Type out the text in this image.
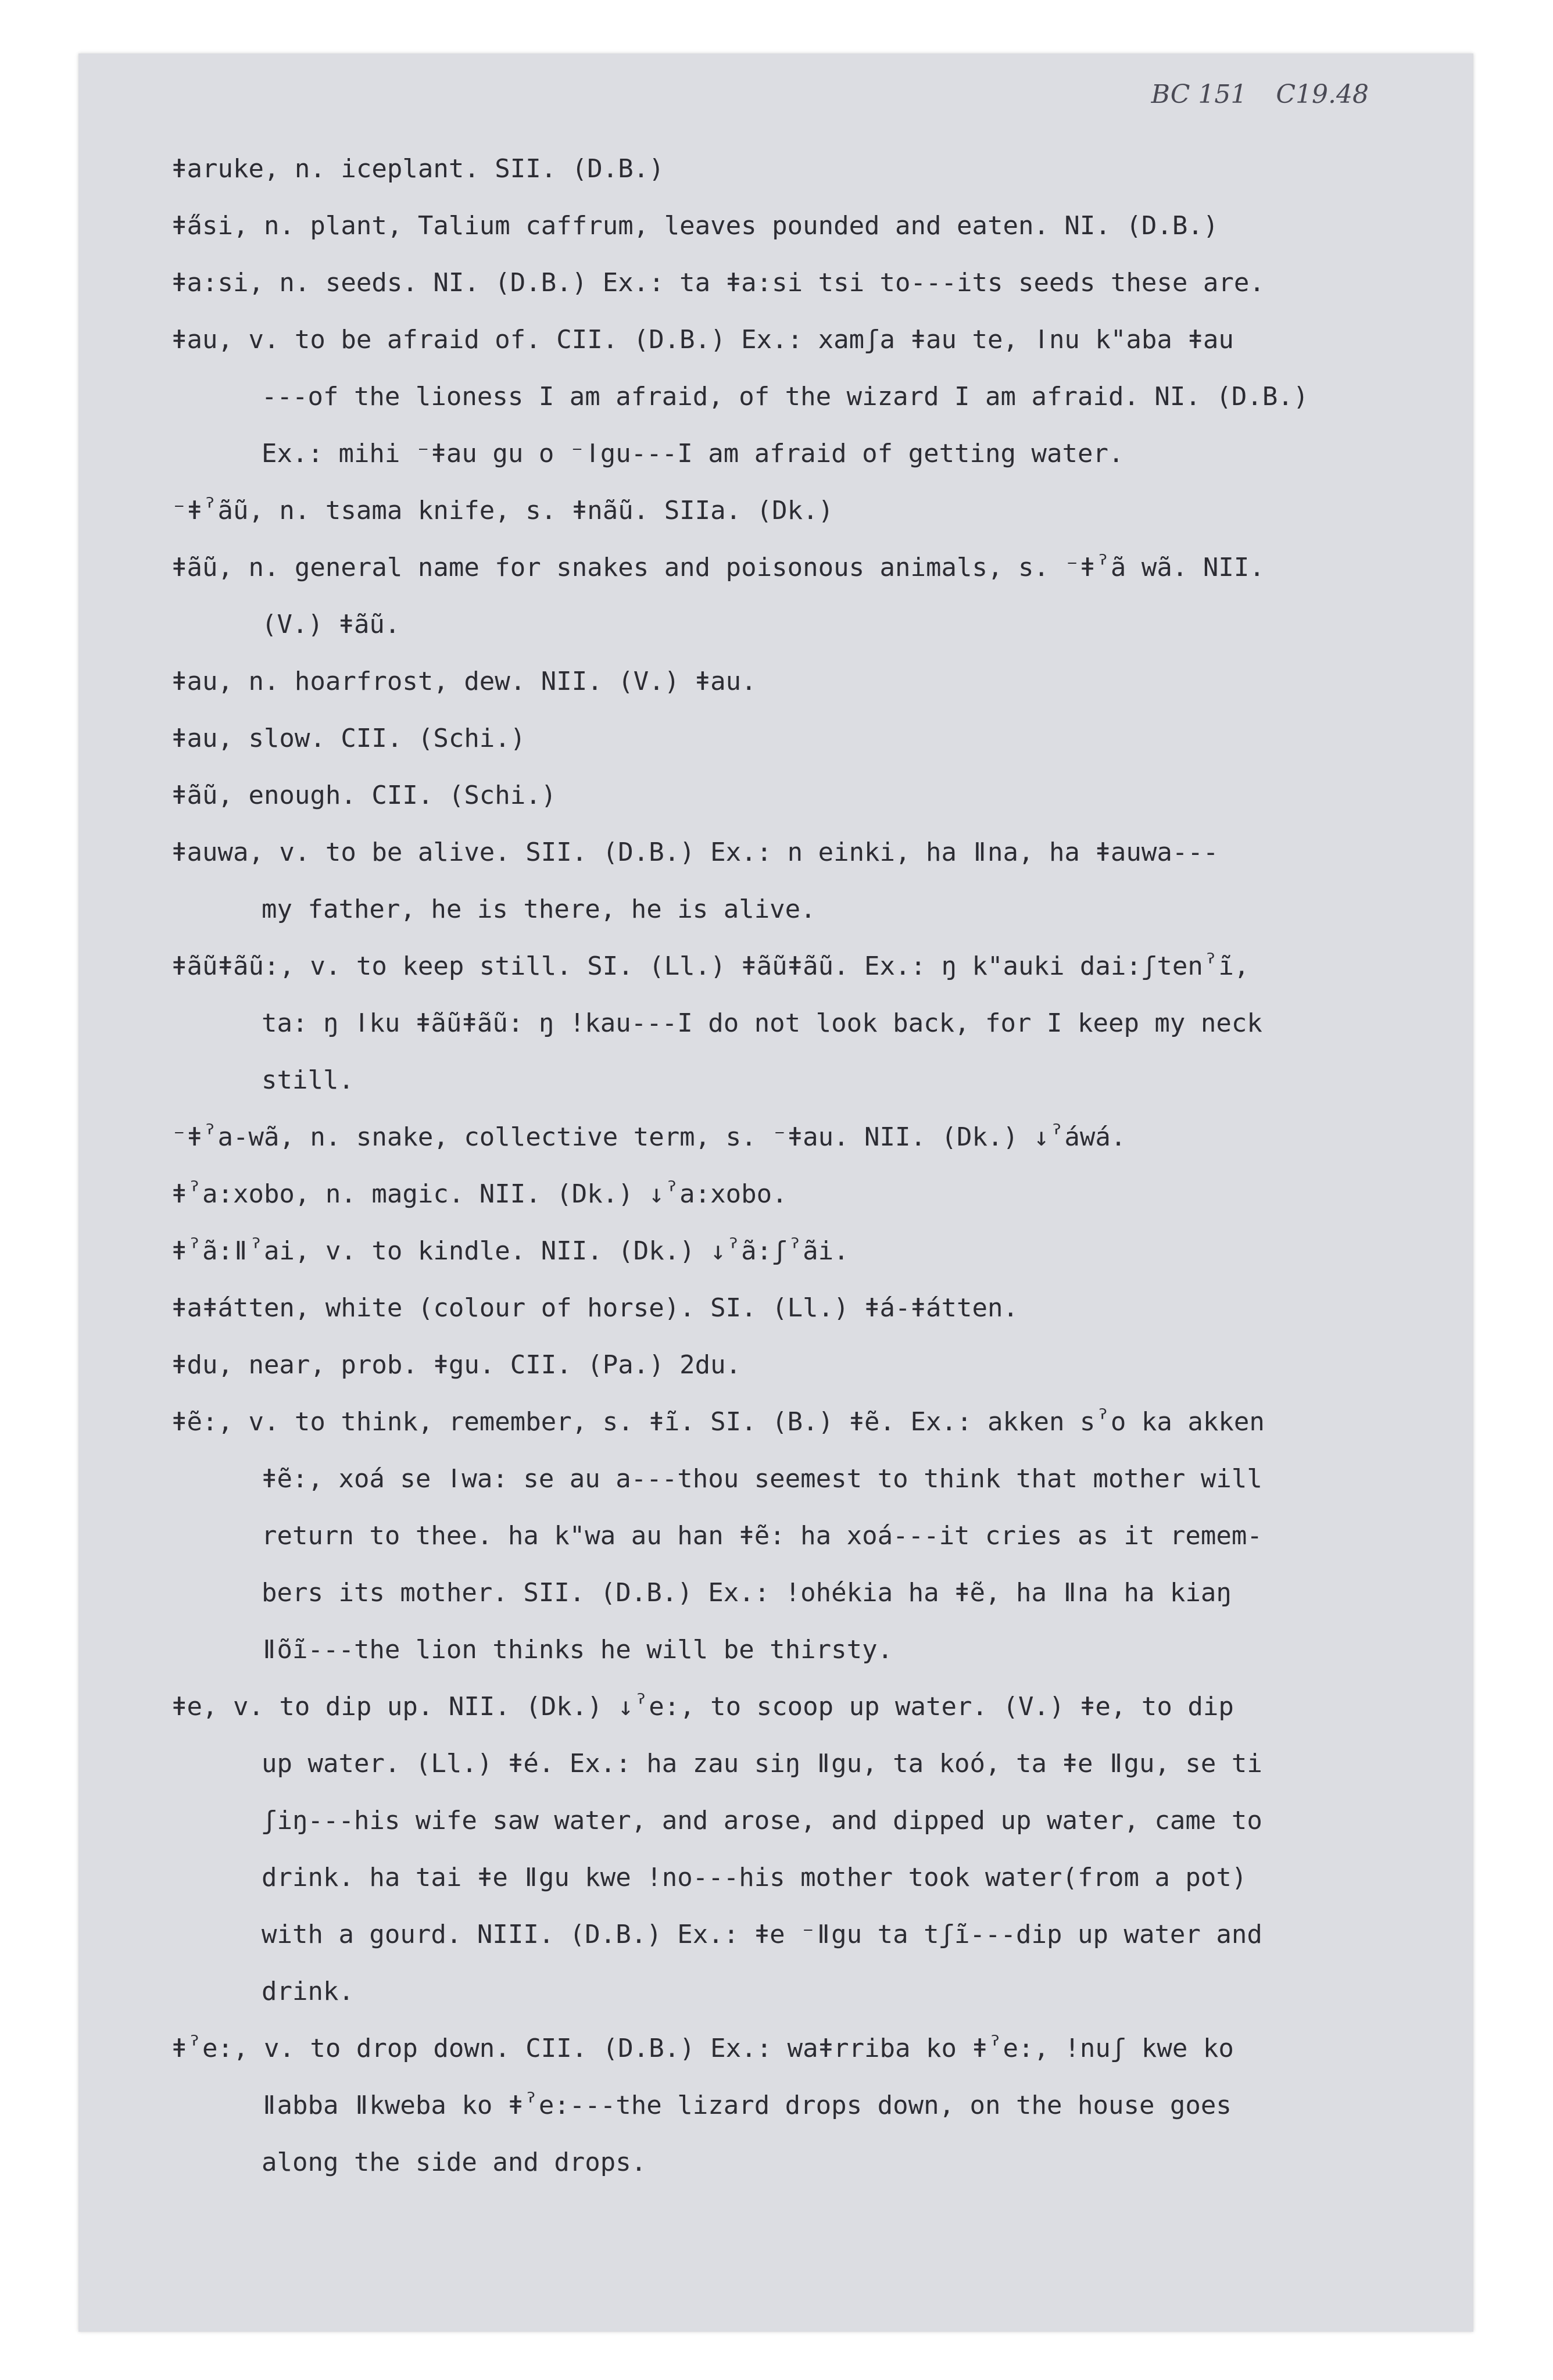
BC 151 C19.48
ǂaruke, n. iceplant. SII. (D.B.)
ǂa̋si, n. plant, Talium caffrum, leaves pounded and eaten. NI. (D.B.)
ǂa:si, n. seeds. NI. (D.B.) Ex.: ta ǂa:si tsi to---its seeds these are.
ǂau, v. to be afraid of. CII. (D.B.) Ex.: xamʃa ǂau te, ǀnu k"aba ǂau
---of the lioness I am afraid, of the wizard I am afraid. NI. (D.B.)
Ex.: mihi ⁻ǂau gu o ⁻ǀgu---I am afraid of getting water.
⁻ǂˀãũ, n. tsama knife, s. ǂnãũ. SIIa. (Dk.)
ǂãũ, n. general name for snakes and poisonous animals, s. ⁻ǂˀã wã. NII.
(V.) ǂãũ.
ǂau, n. hoarfrost, dew. NII. (V.) ǂau.
ǂau, slow. CII. (Schi.)
ǂãũ, enough. CII. (Schi.)
ǂauwa, v. to be alive. SII. (D.B.) Ex.: n einki, ha ǁna, ha ǂauwa---
my father, he is there, he is alive.
ǂãũǂãũ:, v. to keep still. SI. (Ll.) ǂãũǂãũ. Ex.: ŋ k"auki dai:ʃtenˀĩ,
ta: ŋ ǀku ǂãũǂãũ: ŋ !kau---I do not look back, for I keep my neck
still.
⁻ǂˀa-wã, n. snake, collective term, s. ⁻ǂau. NII. (Dk.) ↓ˀáwá.
ǂˀa:xobo, n. magic. NII. (Dk.) ↓ˀa:xobo.
ǂˀã:ǁˀai, v. to kindle. NII. (Dk.) ↓ˀã:ʃˀãi.
ǂaǂátten, white (colour of horse). SI. (Ll.) ǂá-ǂátten.
ǂdu, near, prob. ǂgu. CII. (Pa.) 2du.
ǂẽ:, v. to think, remember, s. ǂĩ. SI. (B.) ǂẽ. Ex.: akken sˀo ka akken
ǂẽ:, xoá se ǀwa: se au a---thou seemest to think that mother will
return to thee. ha k"wa au han ǂẽ: ha xoá---it cries as it remem-
bers its mother. SII. (D.B.) Ex.: !ohékia ha ǂẽ, ha ǁna ha kiaŋ
ǁõĩ---the lion thinks he will be thirsty.
ǂe, v. to dip up. NII. (Dk.) ↓ˀe:, to scoop up water. (V.) ǂe, to dip
up water. (Ll.) ǂé. Ex.: ha zau siŋ ǁgu, ta koó, ta ǂe ǁgu, se ti
ʃiŋ---his wife saw water, and arose, and dipped up water, came to
drink. ha tai ǂe ǁgu kwe !no---his mother took water(from a pot)
with a gourd. NIII. (D.B.) Ex.: ǂe ⁻ǁgu ta tʃĩ---dip up water and
drink.
ǂˀe:, v. to drop down. CII. (D.B.) Ex.: waǂrriba ko ǂˀe:, !nuʃ kwe ko
ǁabba ǁkweba ko ǂˀe:---the lizard drops down, on the house goes
along the side and drops.
